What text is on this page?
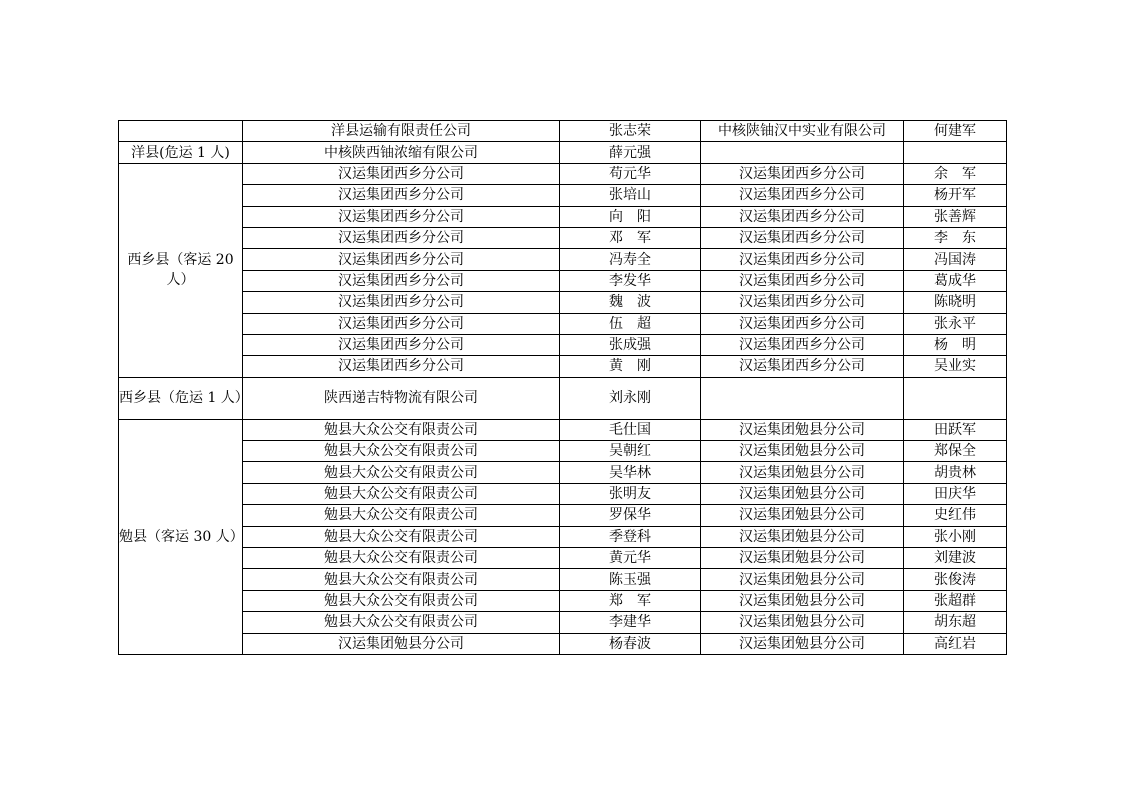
	洋县运输有限责任公司	张志荣	中核陕铀汉中实业有限公司	何建军
洋县(危运 1 人)	中核陕西铀浓缩有限公司	薛元强		
西乡县（客运 20 人）	汉运集团西乡分公司	苟元华	汉运集团西乡分公司	余　军
	汉运集团西乡分公司	张培山	汉运集团西乡分公司	杨开军
	汉运集团西乡分公司	向　阳	汉运集团西乡分公司	张善辉
	汉运集团西乡分公司	邓　军	汉运集团西乡分公司	李　东
	汉运集团西乡分公司	冯寿全	汉运集团西乡分公司	冯国涛
	汉运集团西乡分公司	李发华	汉运集团西乡分公司	葛成华
	汉运集团西乡分公司	魏　波	汉运集团西乡分公司	陈晓明
	汉运集团西乡分公司	伍　超	汉运集团西乡分公司	张永平
	汉运集团西乡分公司	张成强	汉运集团西乡分公司	杨　明
	汉运集团西乡分公司	黄　刚	汉运集团西乡分公司	吴业实
西乡县（危运 1 人）	陕西递吉特物流有限公司	刘永刚		
勉县（客运 30 人）	勉县大众公交有限责公司	毛仕国	汉运集团勉县分公司	田跃军
	勉县大众公交有限责公司	吴朝红	汉运集团勉县分公司	郑保全
	勉县大众公交有限责公司	吴华林	汉运集团勉县分公司	胡贵林
	勉县大众公交有限责公司	张明友	汉运集团勉县分公司	田庆华
	勉县大众公交有限责公司	罗保华	汉运集团勉县分公司	史红伟
	勉县大众公交有限责公司	季登科	汉运集团勉县分公司	张小刚
	勉县大众公交有限责公司	黄元华	汉运集团勉县分公司	刘建波
	勉县大众公交有限责公司	陈玉强	汉运集团勉县分公司	张俊涛
	勉县大众公交有限责公司	郑　军	汉运集团勉县分公司	张超群
	勉县大众公交有限责公司	李建华	汉运集团勉县分公司	胡东超
	汉运集团勉县分公司	杨春波	汉运集团勉县分公司	高红岩
